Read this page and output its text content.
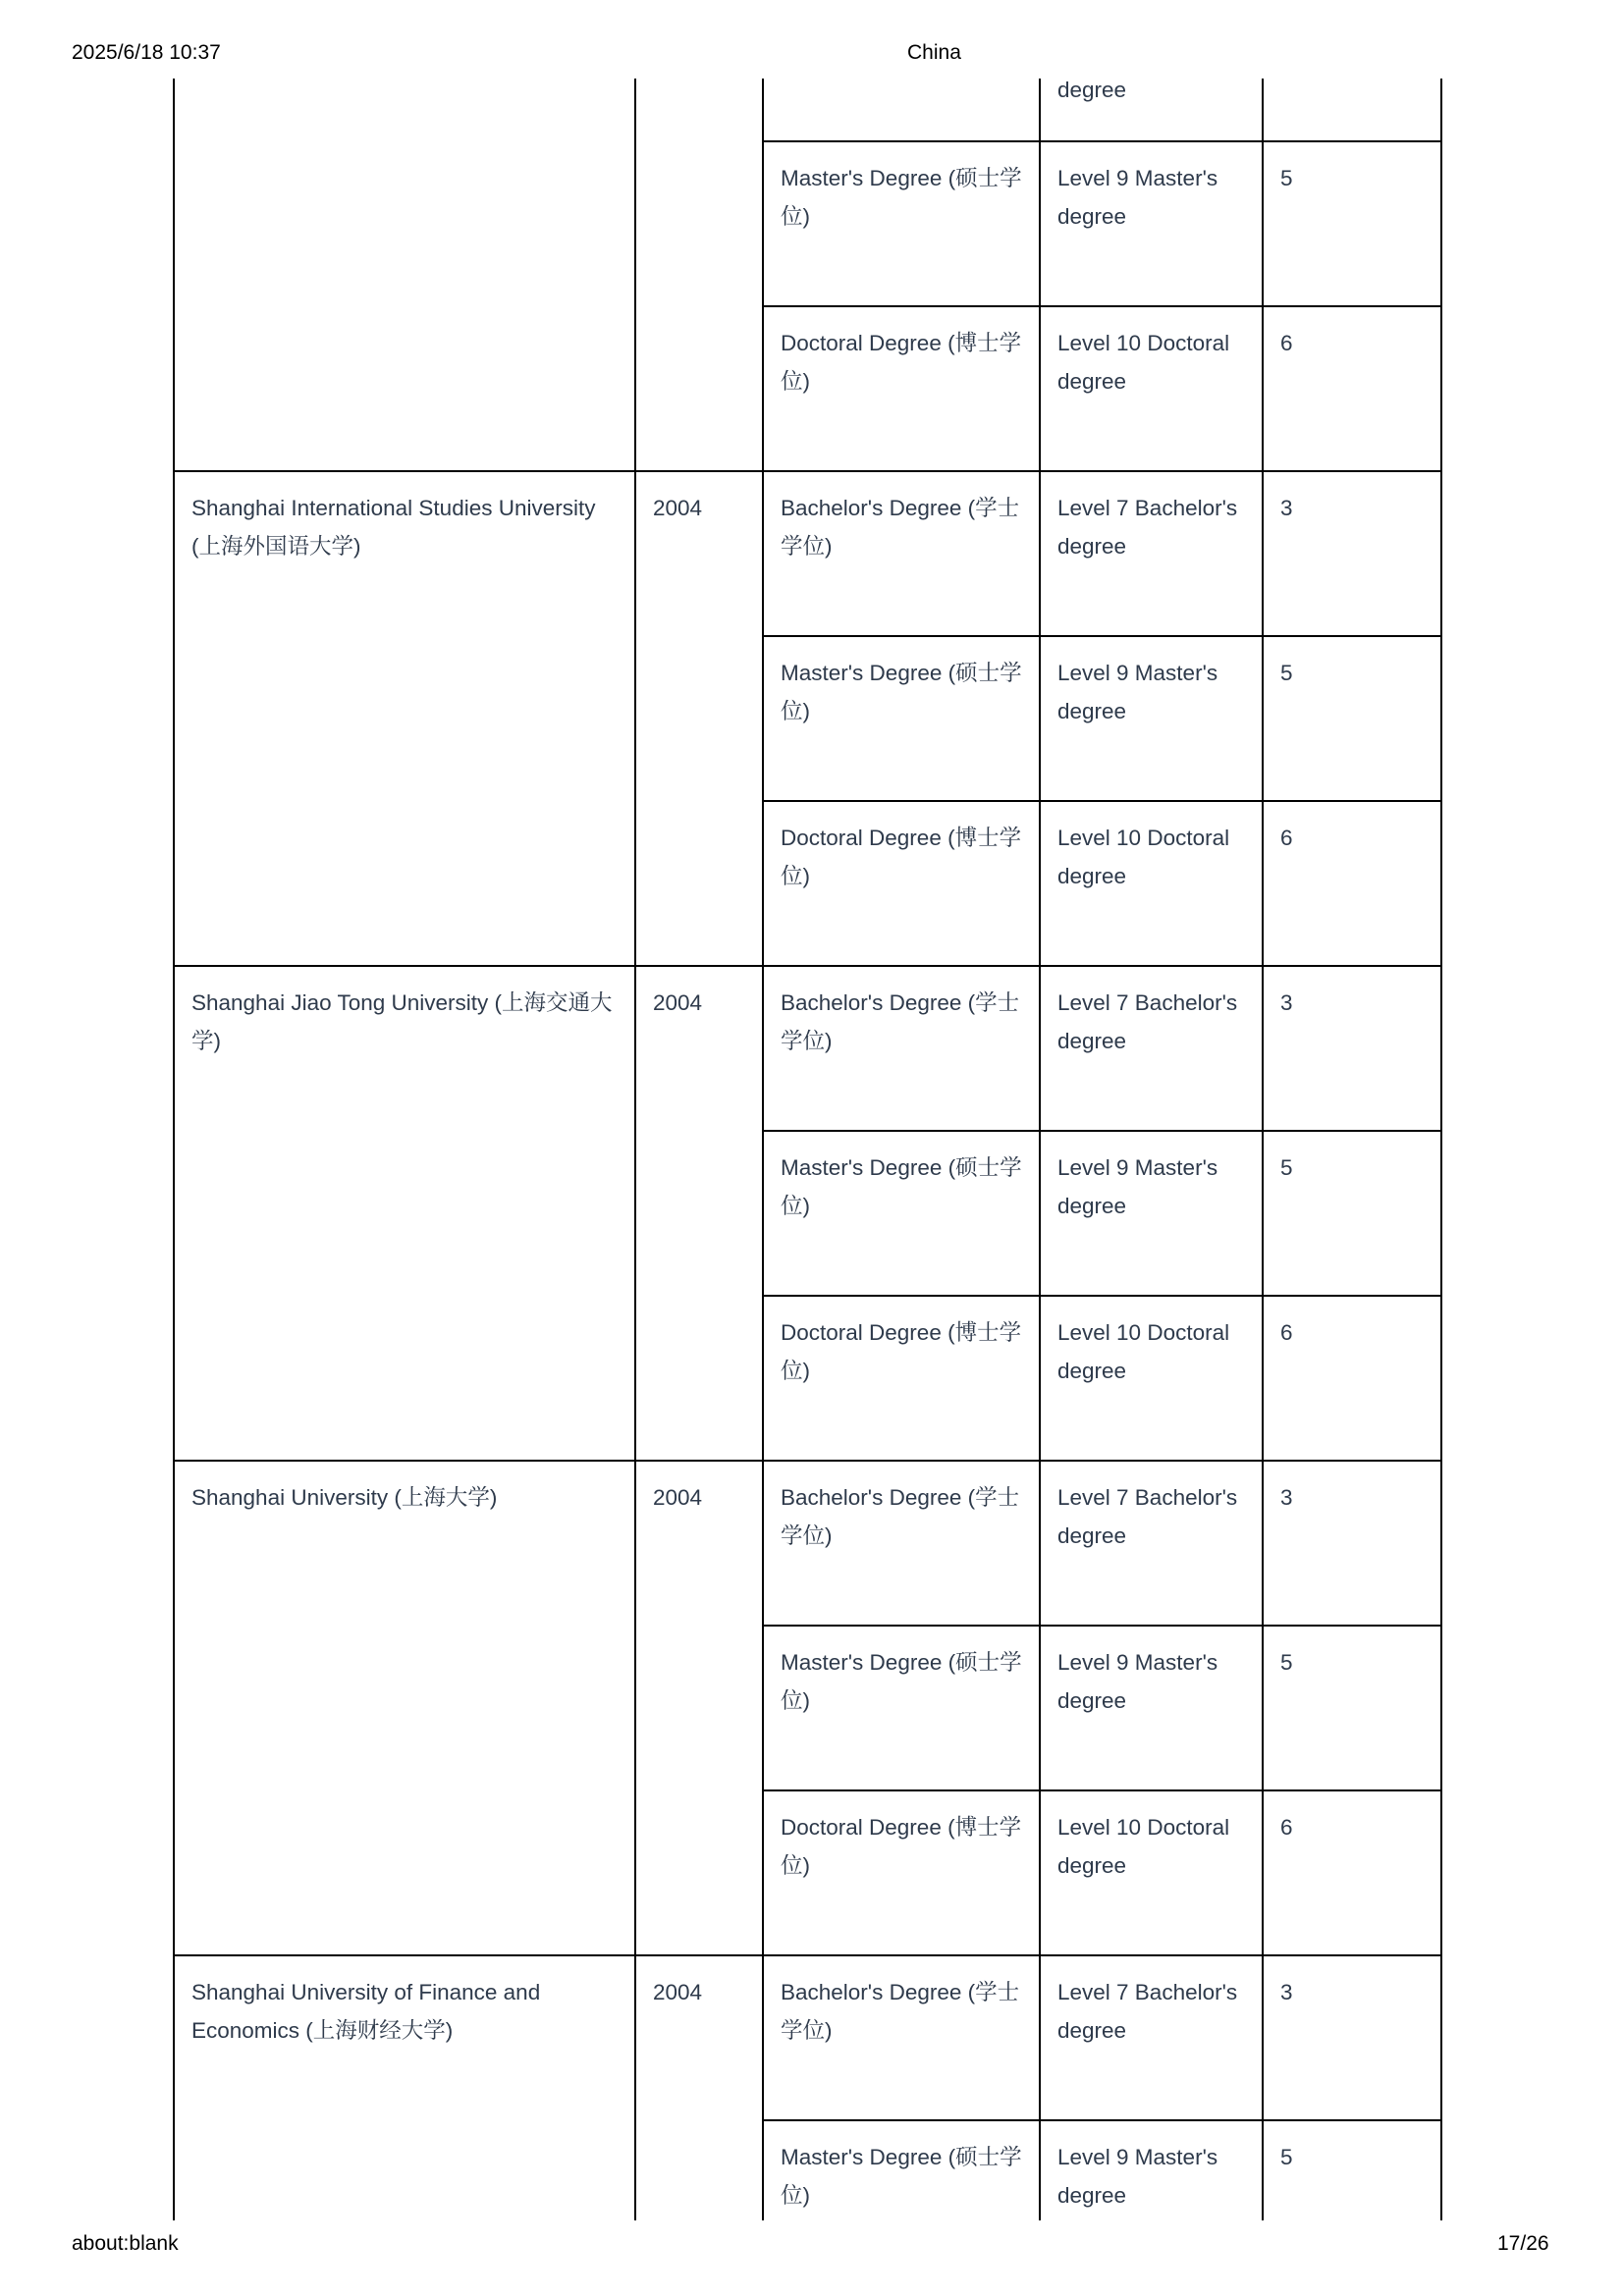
2025/6/18 10:37	China

			degree	

		Master's Degree (硕士学位)	Level 9 Master's degree	5
		Doctoral Degree (博士学位)	Level 10 Doctoral degree	6
Shanghai International Studies University (上海外国语大学)	2004	Bachelor's Degree (学士学位)	Level 7 Bachelor's degree	3
		Master's Degree (硕士学位)	Level 9 Master's degree	5
		Doctoral Degree (博士学位)	Level 10 Doctoral degree	6
Shanghai Jiao Tong University (上海交通大学)	2004	Bachelor's Degree (学士学位)	Level 7 Bachelor's degree	3
		Master's Degree (硕士学位)	Level 9 Master's degree	5
		Doctoral Degree (博士学位)	Level 10 Doctoral degree	6
Shanghai University (上海大学)	2004	Bachelor's Degree (学士学位)	Level 7 Bachelor's degree	3
		Master's Degree (硕士学位)	Level 9 Master's degree	5
		Doctoral Degree (博士学位)	Level 10 Doctoral degree	6
Shanghai University of Finance and Economics (上海财经大学)	2004	Bachelor's Degree (学士学位)	Level 7 Bachelor's degree	3
		Master's Degree (硕士学位)	Level 9 Master's degree	5

about:blank	17/26
